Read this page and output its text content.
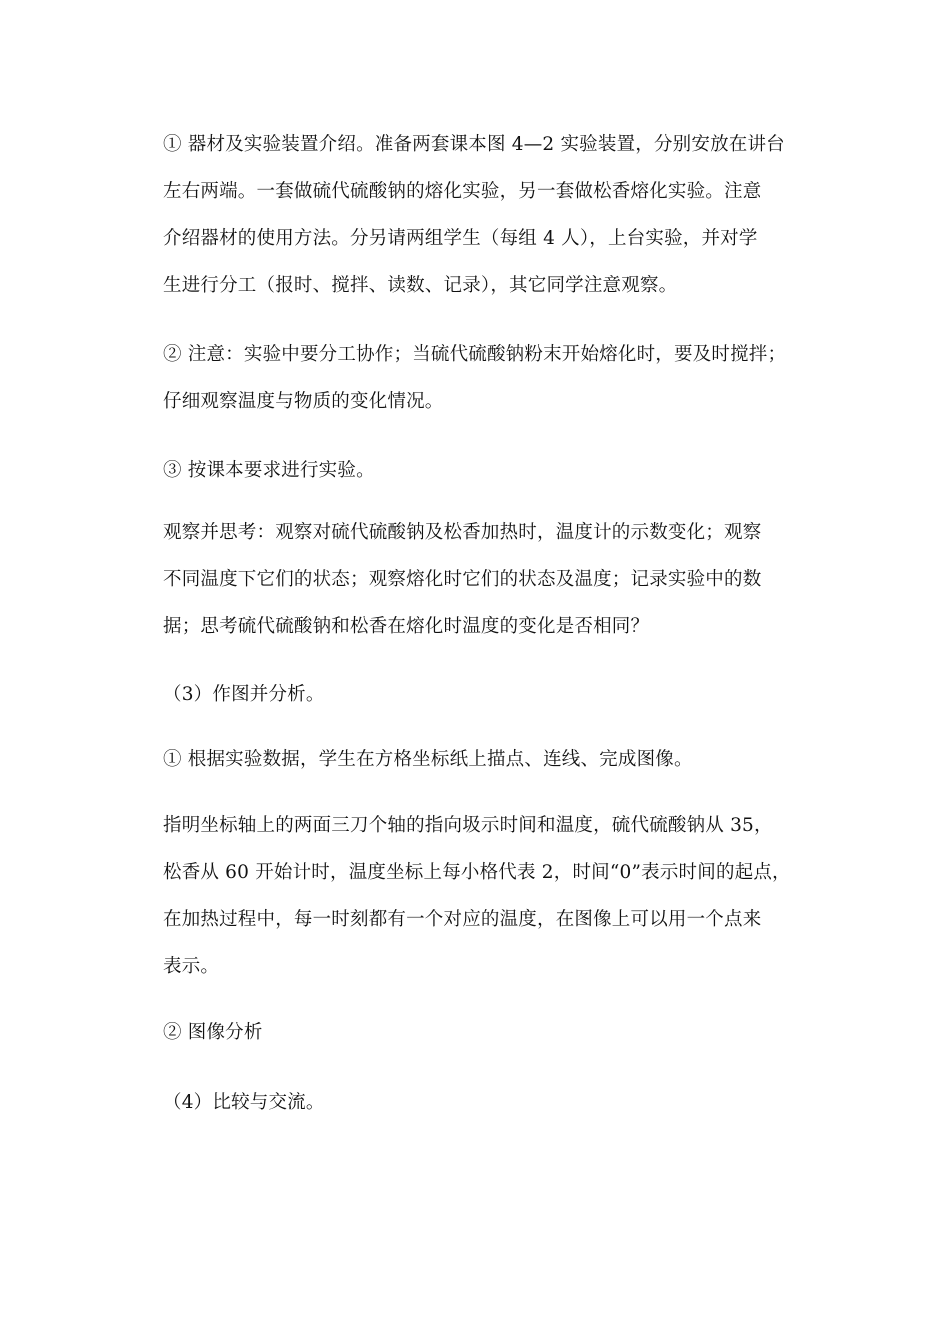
① 器材及实验装置介绍。准备两套课本图 4—2 实验装置，分别安放在讲台
左右两端。一套做硫代硫酸钠的熔化实验，另一套做松香熔化实验。注意
介绍器材的使用方法。分另请两组学生（每组 4 人），上台实验，并对学
生进行分工（报时、搅拌、读数、记录），其它同学注意观察。
② 注意：实验中要分工协作；当硫代硫酸钠粉末开始熔化时，要及时搅拌；
仔细观察温度与物质的变化情况。
③ 按课本要求进行实验。
观察并思考：观察对硫代硫酸钠及松香加热时，温度计的示数变化；观察
不同温度下它们的状态；观察熔化时它们的状态及温度；记录实验中的数
据；思考硫代硫酸钠和松香在熔化时温度的变化是否相同？
（3）作图并分析。
① 根据实验数据，学生在方格坐标纸上描点、连线、完成图像。
指明坐标轴上的两面三刀个轴的指向圾示时间和温度，硫代硫酸钠从 35，
松香从 60 开始计时，温度坐标上每小格代表 2，时间“0”表示时间的起点，
在加热过程中，每一时刻都有一个对应的温度，在图像上可以用一个点来
表示。
② 图像分析
（4）比较与交流。
